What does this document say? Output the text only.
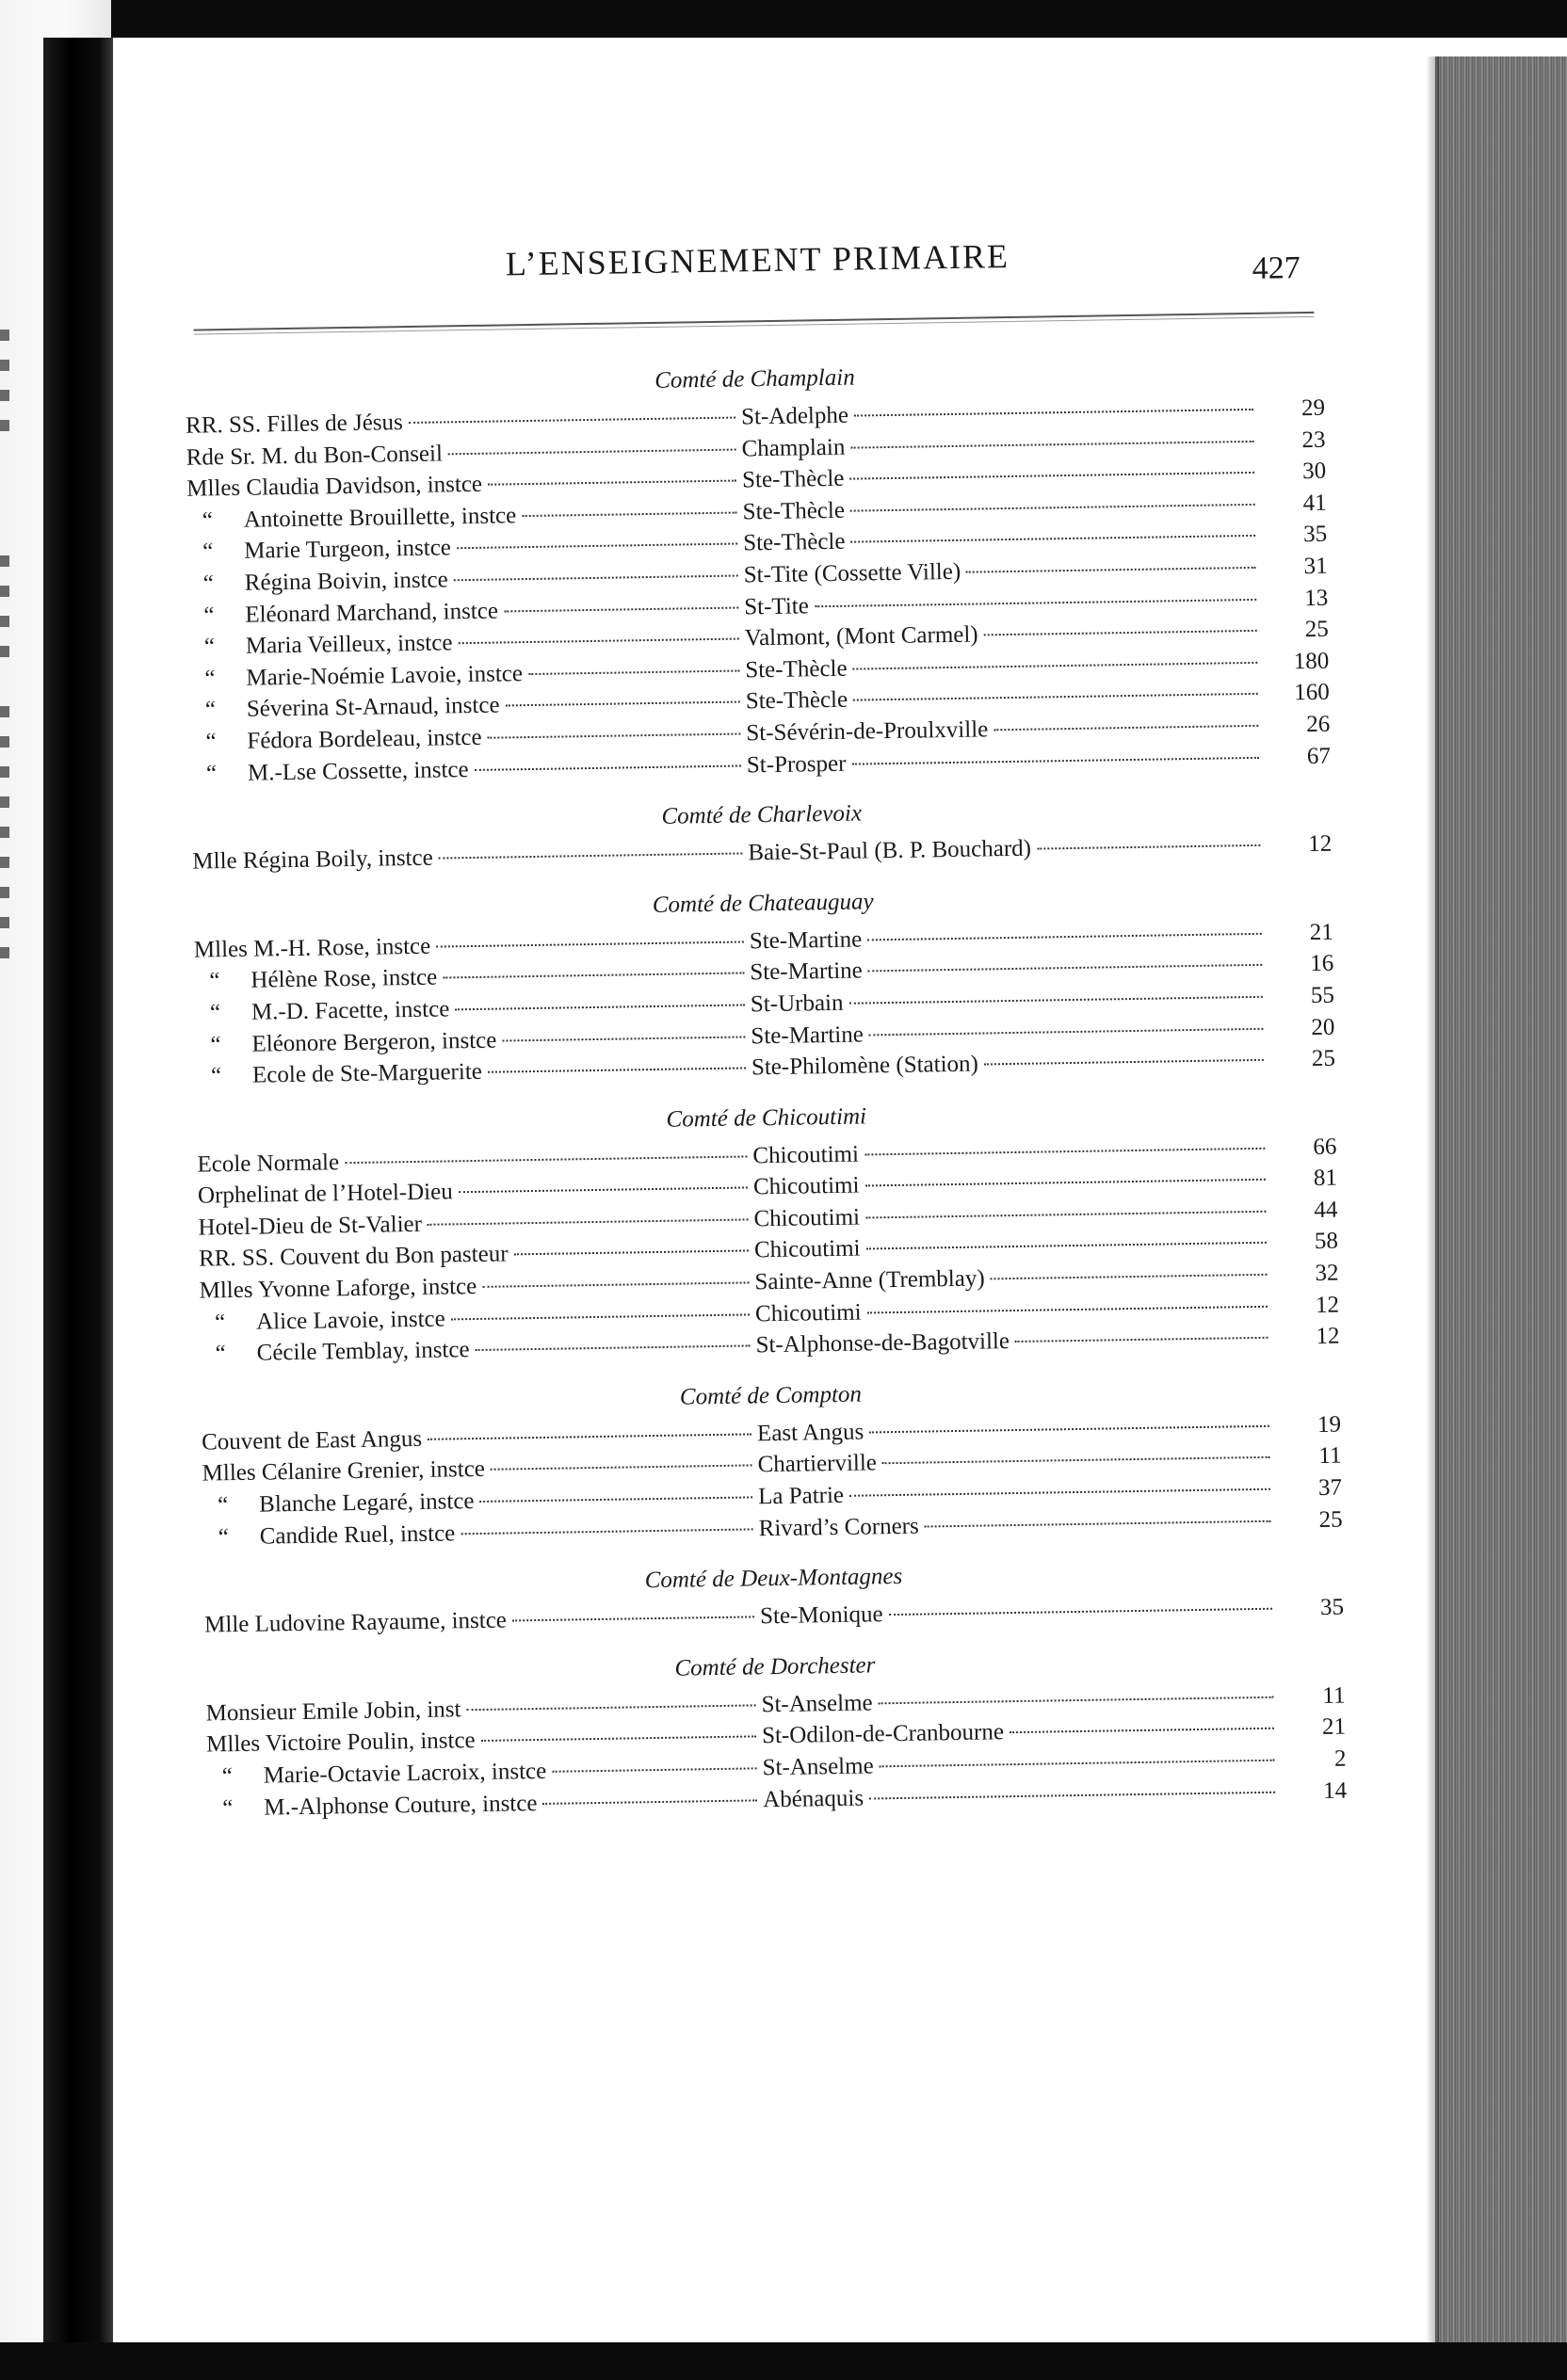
L’ENSEIGNEMENT PRIMAIRE	427
Comté de Champlain
RR. SS. Filles de Jésus	St-Adelphe	29
Rde Sr. M. du Bon-Conseil	Champlain	23
Mlles Claudia Davidson, instce	Ste-Thècle	30
“	Antoinette Brouillette, instce	Ste-Thècle	41
“	Marie Turgeon, instce	Ste-Thècle	35
“	Régina Boivin, instce	St-Tite (Cossette Ville)	31
“	Eléonard Marchand, instce	St-Tite	13
“	Maria Veilleux, instce	Valmont, (Mont Carmel)	25
“	Marie-Noémie Lavoie, instce	Ste-Thècle	180
“	Séverina St-Arnaud, instce	Ste-Thècle	160
“	Fédora Bordeleau, instce	St-Sévérin-de-Proulxville	26
“	M.-Lse Cossette, instce	St-Prosper	67
Comté de Charlevoix
Mlle Régina Boily, instce	Baie-St-Paul (B. P. Bouchard)	12
Comté de Chateauguay
Mlles M.-H. Rose, instce	Ste-Martine	21
“	Hélène Rose, instce	Ste-Martine	16
“	M.-D. Facette, instce	St-Urbain	55
“	Eléonore Bergeron, instce	Ste-Martine	20
“	Ecole de Ste-Marguerite	Ste-Philomène (Station)	25
Comté de Chicoutimi
Ecole Normale	Chicoutimi	66
Orphelinat de l’Hotel-Dieu	Chicoutimi	81
Hotel-Dieu de St-Valier	Chicoutimi	44
RR. SS. Couvent du Bon pasteur	Chicoutimi	58
Mlles Yvonne Laforge, instce	Sainte-Anne (Tremblay)	32
“	Alice Lavoie, instce	Chicoutimi	12
“	Cécile Temblay, instce	St-Alphonse-de-Bagotville	12
Comté de Compton
Couvent de East Angus	East Angus	19
Mlles Célanire Grenier, instce	Chartierville	11
“	Blanche Legaré, instce	La Patrie	37
“	Candide Ruel, instce	Rivard’s Corners	25
Comté de Deux-Montagnes
Mlle Ludovine Rayaume, instce	Ste-Monique	35
Comté de Dorchester
Monsieur Emile Jobin, inst	St-Anselme	11
Mlles Victoire Poulin, instce	St-Odilon-de-Cranbourne	21
“	Marie-Octavie Lacroix, instce	St-Anselme	2
“	M.-Alphonse Couture, instce	Abénaquis	14
